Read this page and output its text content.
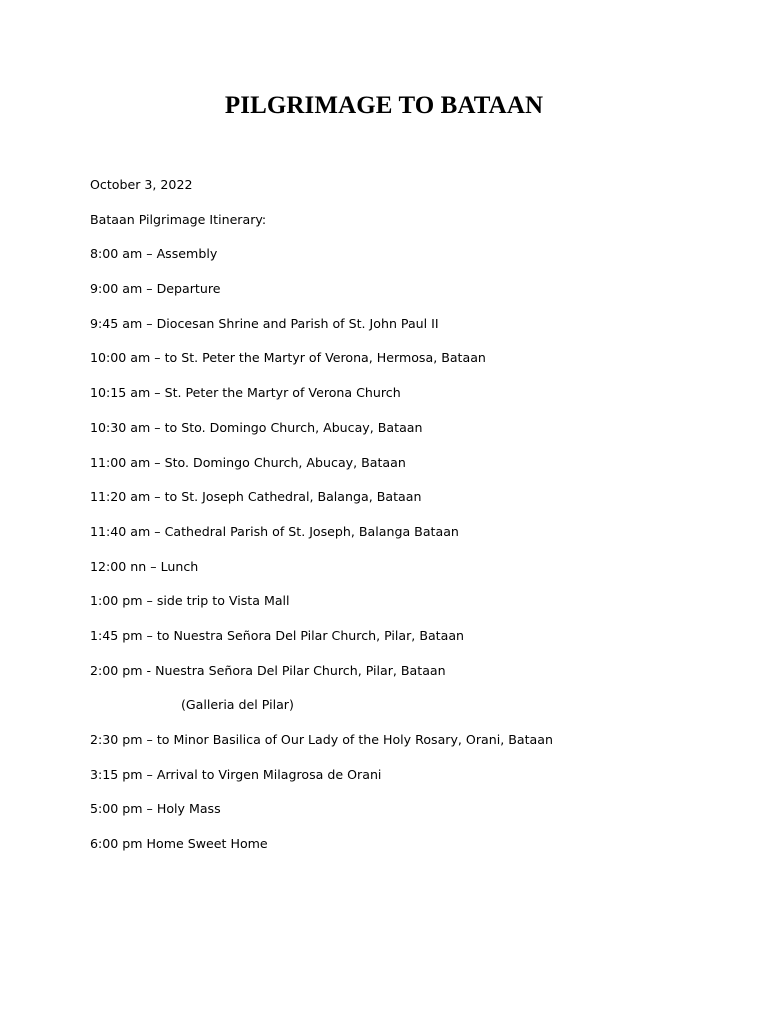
PILGRIMAGE TO BATAAN
October 3, 2022
Bataan Pilgrimage Itinerary:
8:00 am – Assembly
9:00 am – Departure
9:45 am – Diocesan Shrine and Parish of St. John Paul II
10:00 am – to St. Peter the Martyr of Verona, Hermosa, Bataan
10:15 am – St. Peter the Martyr of Verona Church
10:30 am – to Sto. Domingo Church, Abucay, Bataan
11:00 am – Sto. Domingo Church, Abucay, Bataan
11:20 am – to St. Joseph Cathedral, Balanga, Bataan
11:40 am – Cathedral Parish of St. Joseph, Balanga Bataan
12:00 nn – Lunch
1:00 pm – side trip to Vista Mall
1:45 pm – to Nuestra Señora Del Pilar Church, Pilar, Bataan
2:00 pm - Nuestra Señora Del Pilar Church, Pilar, Bataan
(Galleria del Pilar)
2:30 pm – to Minor Basilica of Our Lady of the Holy Rosary, Orani, Bataan
3:15 pm – Arrival to Virgen Milagrosa de Orani
5:00 pm – Holy Mass
6:00 pm Home Sweet Home
